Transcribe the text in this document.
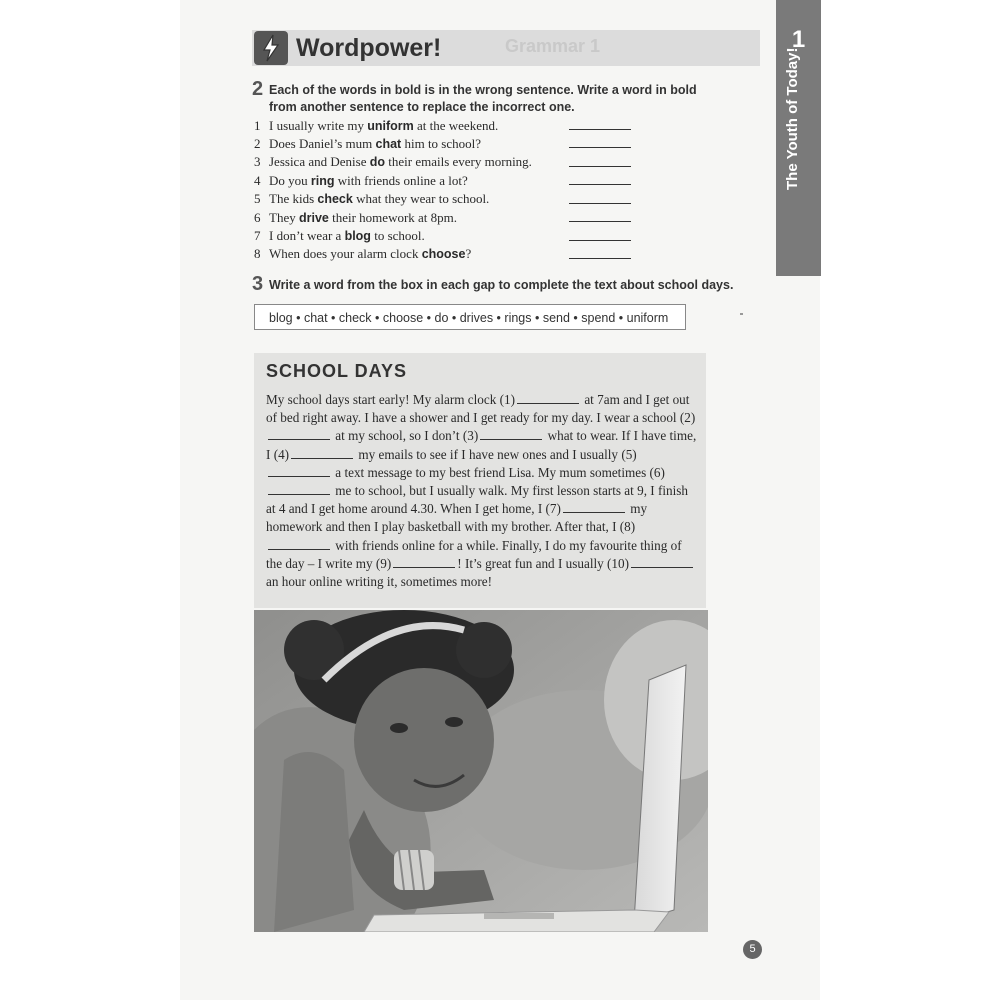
1
The Youth of Today!
Grammar 1
Wordpower!
2 Each of the words in bold is in the wrong sentence. Write a word in bold from another sentence to replace the incorrect one.
1 I usually write my uniform at the weekend.
2 Does Daniel’s mum chat him to school?
3 Jessica and Denise do their emails every morning.
4 Do you ring with friends online a lot?
5 The kids check what they wear to school.
6 They drive their homework at 8pm.
7 I don’t wear a blog to school.
8 When does your alarm clock choose?
3 Write a word from the box in each gap to complete the text about school days.
blog • chat • check • choose • do • drives • rings • send • spend • uniform
SCHOOL DAYS
My school days start early! My alarm clock (1)	at 7am and I get out of bed right away. I have a shower and I get ready for my day. I wear a school (2) at my school, so I don’t (3)	what to wear. If I have time, I (4)	my emails to see if I have new ones and I usually (5) a text message to my best friend Lisa. My mum sometimes (6) me to school, but I usually walk. My first lesson starts at 9, I finish at 4 and I get home around 4.30. When I get home, I (7)	my homework and then I play basketball with my brother. After that, I (8) with friends online for a while. Finally, I do my favourite thing of the day – I write my (9)	! It’s great fun and I usually (10) an hour online writing it, sometimes more!
5
